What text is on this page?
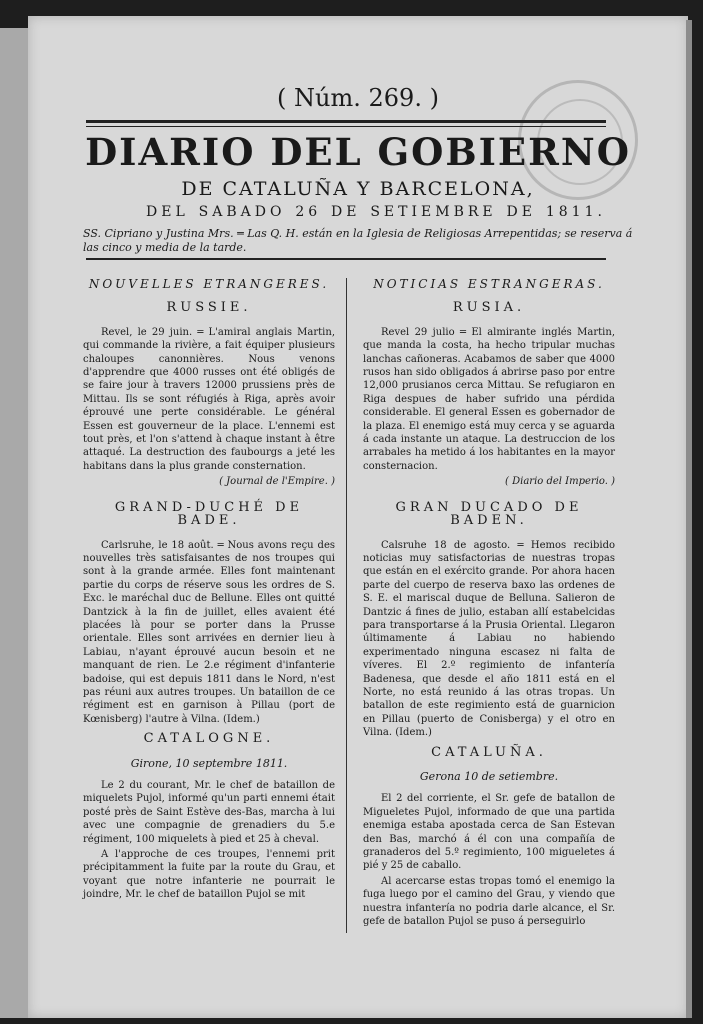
( Núm. 269. )
DIARIO DEL GOBIERNO
DE CATALUÑA Y BARCELONA,
DEL SABADO 26 DE SETIEMBRE DE 1811.
SS. Cipriano y Justina Mrs. ═ Las Q. H. están en la Iglesia de Religiosas Arrepentidas; se reserva á las cinco y media de la tarde.
NOUVELLES ETRANGERES.
RUSSIE.

Revel, le 29 juin. ═ L'amiral anglais Martin, qui commande la rivière, a fait équiper plusieurs chaloupes canonnières. Nous venons d'apprendre que 4000 russes ont été obligés de se faire jour à travers 12000 prussiens près de Mittau. Ils se sont réfugiés à Riga, après avoir éprouvé une perte considérable. Le général Essen est gouverneur de la place. L'ennemi est tout près, et l'on s'attend à chaque instant à être attaqué. La destruction des faubourgs a jeté les habitans dans la plus grande consternation.

( Journal de l'Empire. )
GRAND-DUCHÉ DE BADE.

Carlsruhe, le 18 août. ═ Nous avons reçu des nouvelles très satisfaisantes de nos troupes qui sont à la grande armée. Elles font maintenant partie du corps de réserve sous les ordres de S. Exc. le maréchal duc de Bellune. Elles ont quitté Dantzick à la fin de juillet, elles avaient été placées là pour se porter dans la Prusse orientale. Elles sont arrivées en dernier lieu à Labiau, n'ayant éprouvé aucun besoin et ne manquant de rien. Le 2.e régiment d'infanterie badoise, qui est depuis 1811 dans le Nord, n'est pas réuni aux autres troupes. Un bataillon de ce régiment est en garnison à Pillau (port de Kœnisberg) l'autre à Vilna. (Idem.)

CATALOGNE.
Girone, 10 septembre 1811.

Le 2 du courant, Mr. le chef de bataillon de miquelets Pujol, informé qu'un parti ennemi était posté près de Saint Estève des-Bas, marcha à lui avec une compagnie de grenadiers du 5.e régiment, 100 miquelets à pied et 25 à cheval.

A l'approche de ces troupes, l'ennemi prit précipitamment la fuite par la route du Grau, et voyant que notre infanterie ne pourrait le joindre, Mr. le chef de bataillon Pujol se mit

NOTICIAS ESTRANGERAS.
RUSIA.

Revel 29 julio ═ El almirante inglés Martin, que manda la costa, ha hecho tripular muchas lanchas cañoneras. Acabamos de saber que 4000 rusos han sido obligados á abrirse paso por entre 12,000 prusianos cerca Mittau. Se refugiaron en Riga despues de haber sufrido una pérdida considerable. El general Essen es gobernador de la plaza. El enemigo está muy cerca y se aguarda á cada instante un ataque. La destruccion de los arrabales ha metido á los habitantes en la mayor consternacion.

( Diario del Imperio. )
GRAN DUCADO DE BADEN.

Calsruhe 18 de agosto. ═ Hemos recibido noticias muy satisfactorias de nuestras tropas que están en el exército grande. Por ahora hacen parte del cuerpo de reserva baxo las ordenes de S. E. el mariscal duque de Belluna. Salieron de Dantzic á fines de julio, estaban allí estabelcidas para transportarse á la Prusia Oriental. Llegaron últimamente á Labiau no habiendo experimentado ninguna escasez ni falta de víveres. El 2.º regimiento de infantería Badenesa, que desde el año 1811 está en el Norte, no está reunido á las otras tropas. Un batallon de este regimiento está de guarnicion en Pillau (puerto de Conisberga) y el otro en Vilna. (Idem.)

CATALUÑA.
Gerona 10 de setiembre.

El 2 del corriente, el Sr. gefe de batallon de Migueletes Pujol, informado de que una partida enemiga estaba apostada cerca de San Estevan den Bas, marchó á él con una compañía de granaderos del 5.º regimiento, 100 migueletes á pié y 25 de caballo.

Al acercarse estas tropas tomó el enemigo la fuga luego por el camino del Grau, y viendo que nuestra infantería no podria darle alcance, el Sr. gefe de batallon Pujol se puso á perseguirlo
